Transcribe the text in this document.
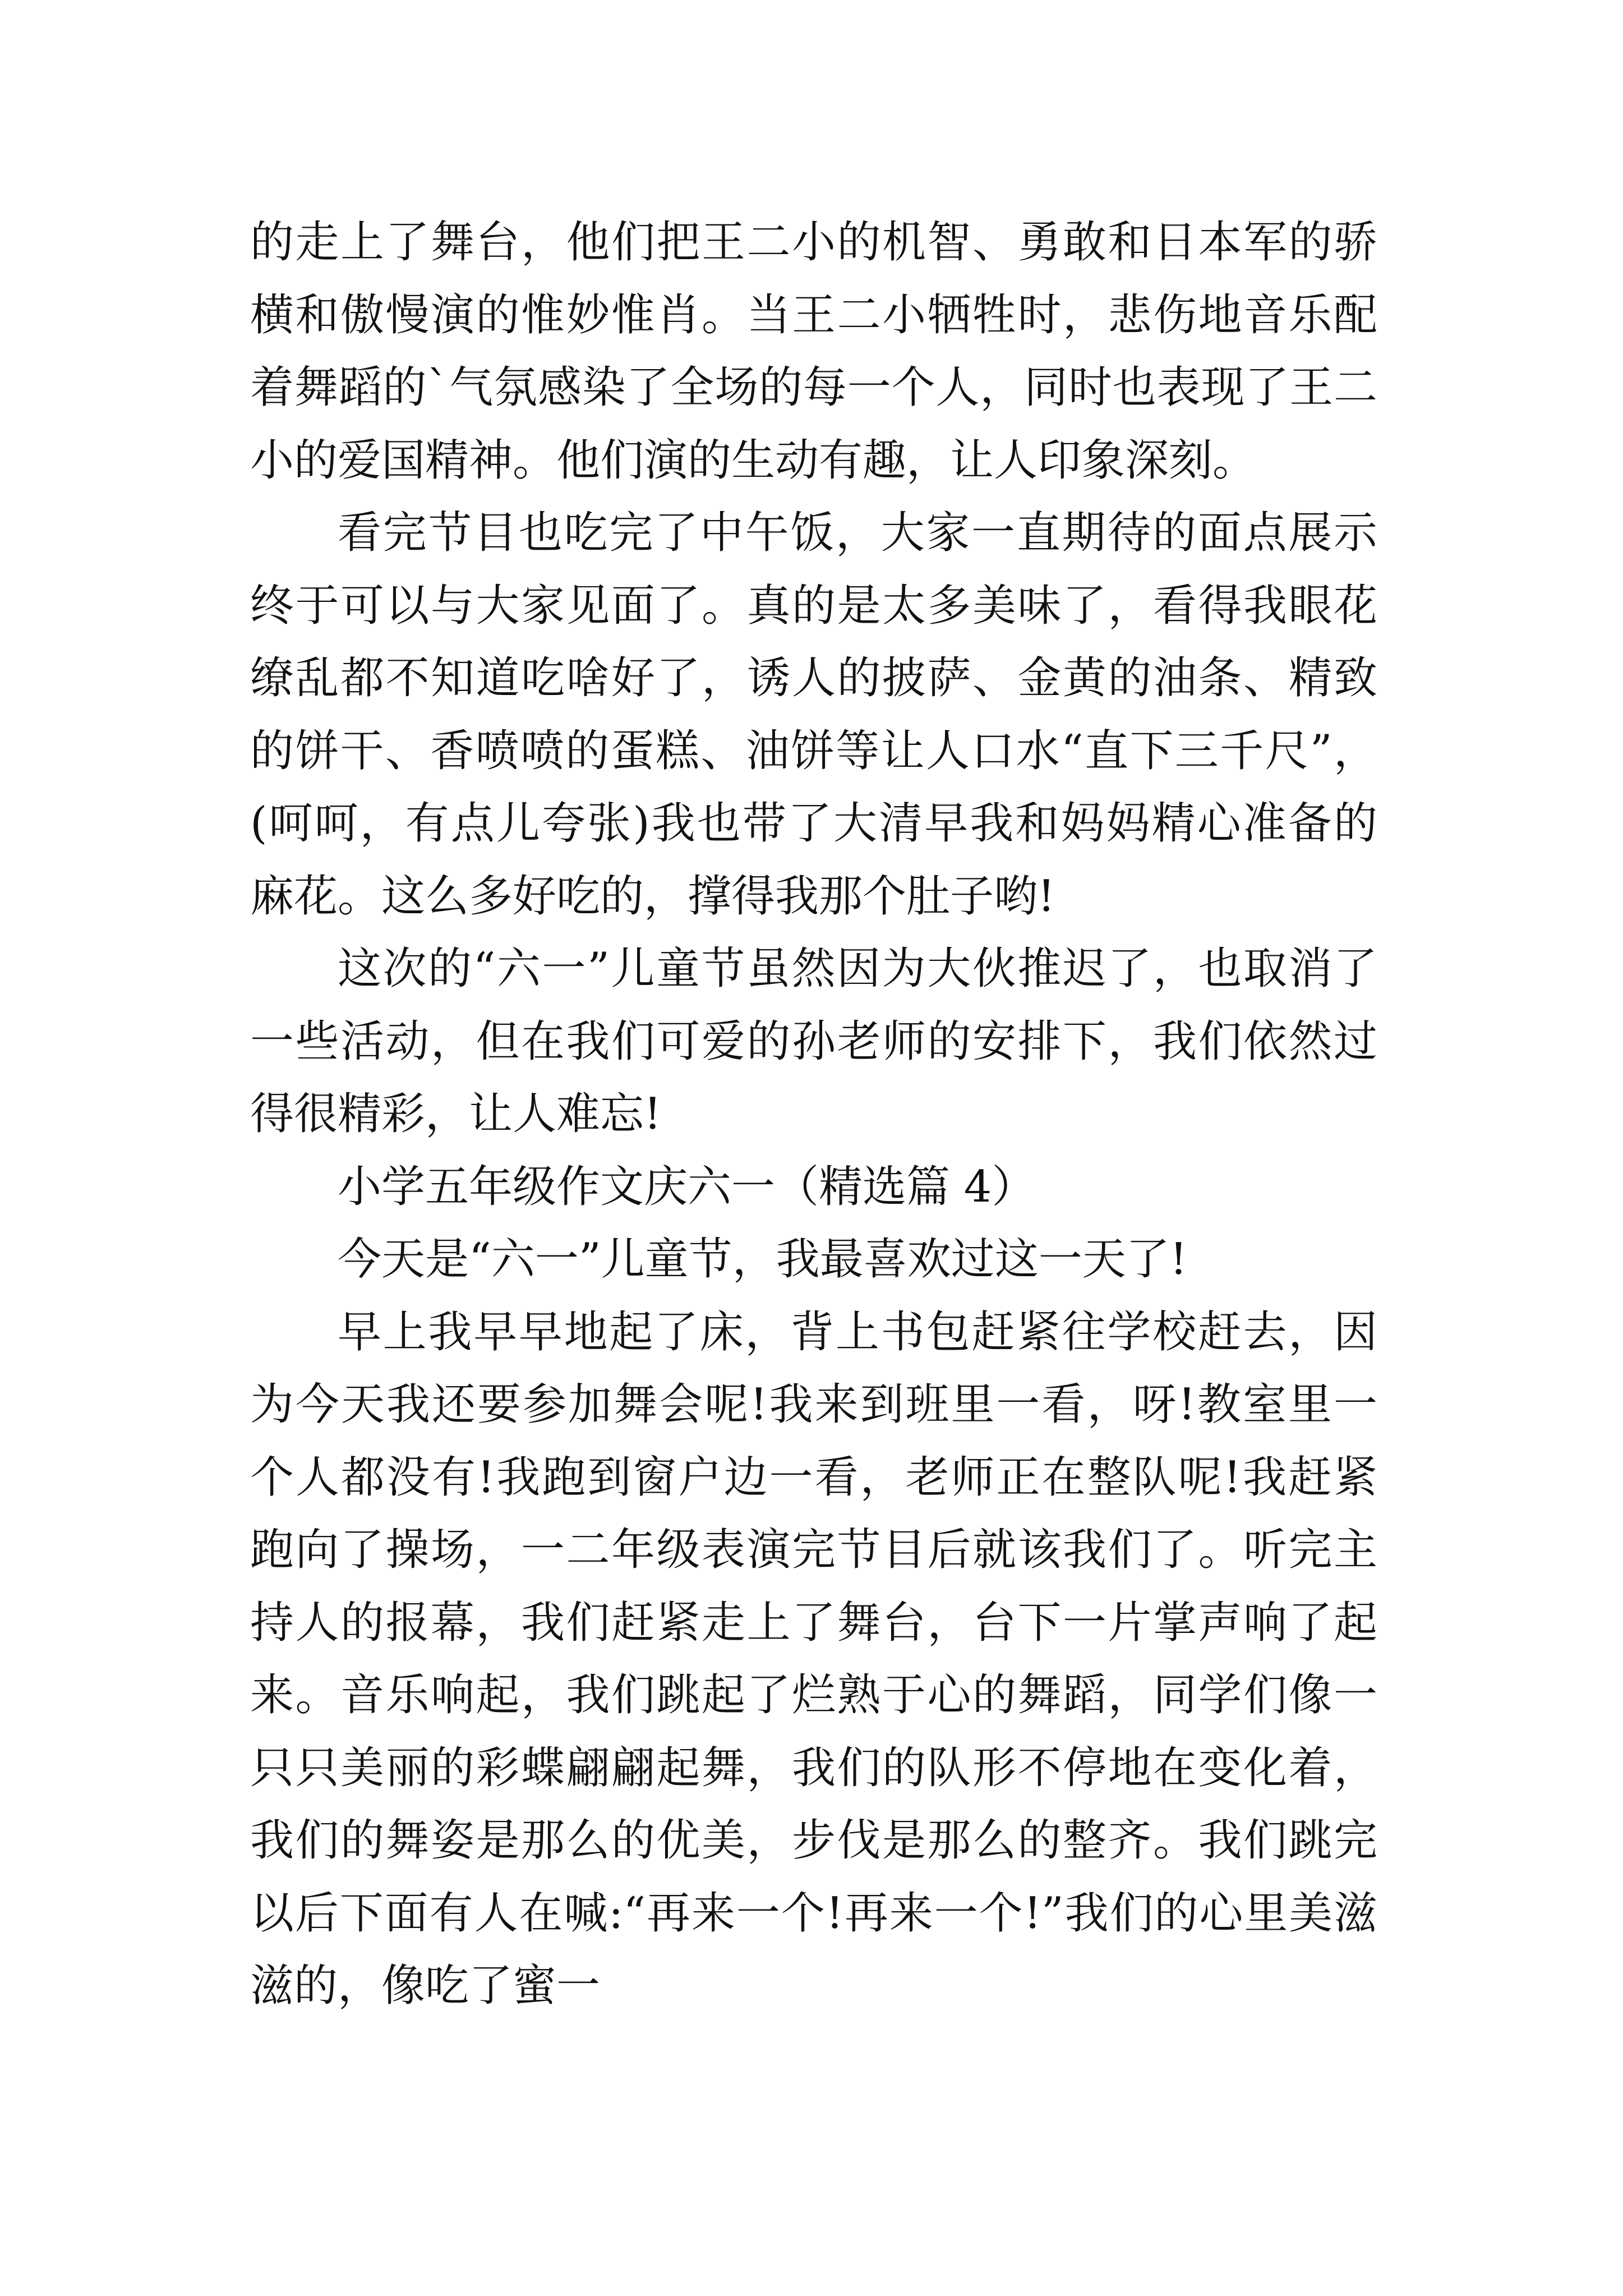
的走上了舞台，他们把王二小的机智、勇敢和日本军的骄横和傲慢演的惟妙惟肖。当王二小牺牲时，悲伤地音乐配着舞蹈的`气氛感染了全场的每一个人，同时也表现了王二小的爱国精神。他们演的生动有趣，让人印象深刻。

看完节目也吃完了中午饭，大家一直期待的面点展示终于可以与大家见面了。真的是太多美味了，看得我眼花缭乱都不知道吃啥好了，诱人的披萨、金黄的油条、精致的饼干、香喷喷的蛋糕、油饼等让人口水“直下三千尺”，(呵呵，有点儿夸张)我也带了大清早我和妈妈精心准备的麻花。这么多好吃的，撑得我那个肚子哟!

这次的“六一”儿童节虽然因为大伙推迟了，也取消了一些活动，但在我们可爱的孙老师的安排下，我们依然过得很精彩，让人难忘!

小学五年级作文庆六一（精选篇 4）

今天是“六一”儿童节，我最喜欢过这一天了!

早上我早早地起了床，背上书包赶紧往学校赶去，因为今天我还要参加舞会呢!我来到班里一看，呀!教室里一个人都没有!我跑到窗户边一看，老师正在整队呢!我赶紧跑向了操场，一二年级表演完节目后就该我们了。听完主持人的报幕，我们赶紧走上了舞台，台下一片掌声响了起来。音乐响起，我们跳起了烂熟于心的舞蹈，同学们像一只只美丽的彩蝶翩翩起舞，我们的队形不停地在变化着，我们的舞姿是那么的优美，步伐是那么的整齐。我们跳完以后下面有人在喊:“再来一个!再来一个!”我们的心里美滋滋的，像吃了蜜一
